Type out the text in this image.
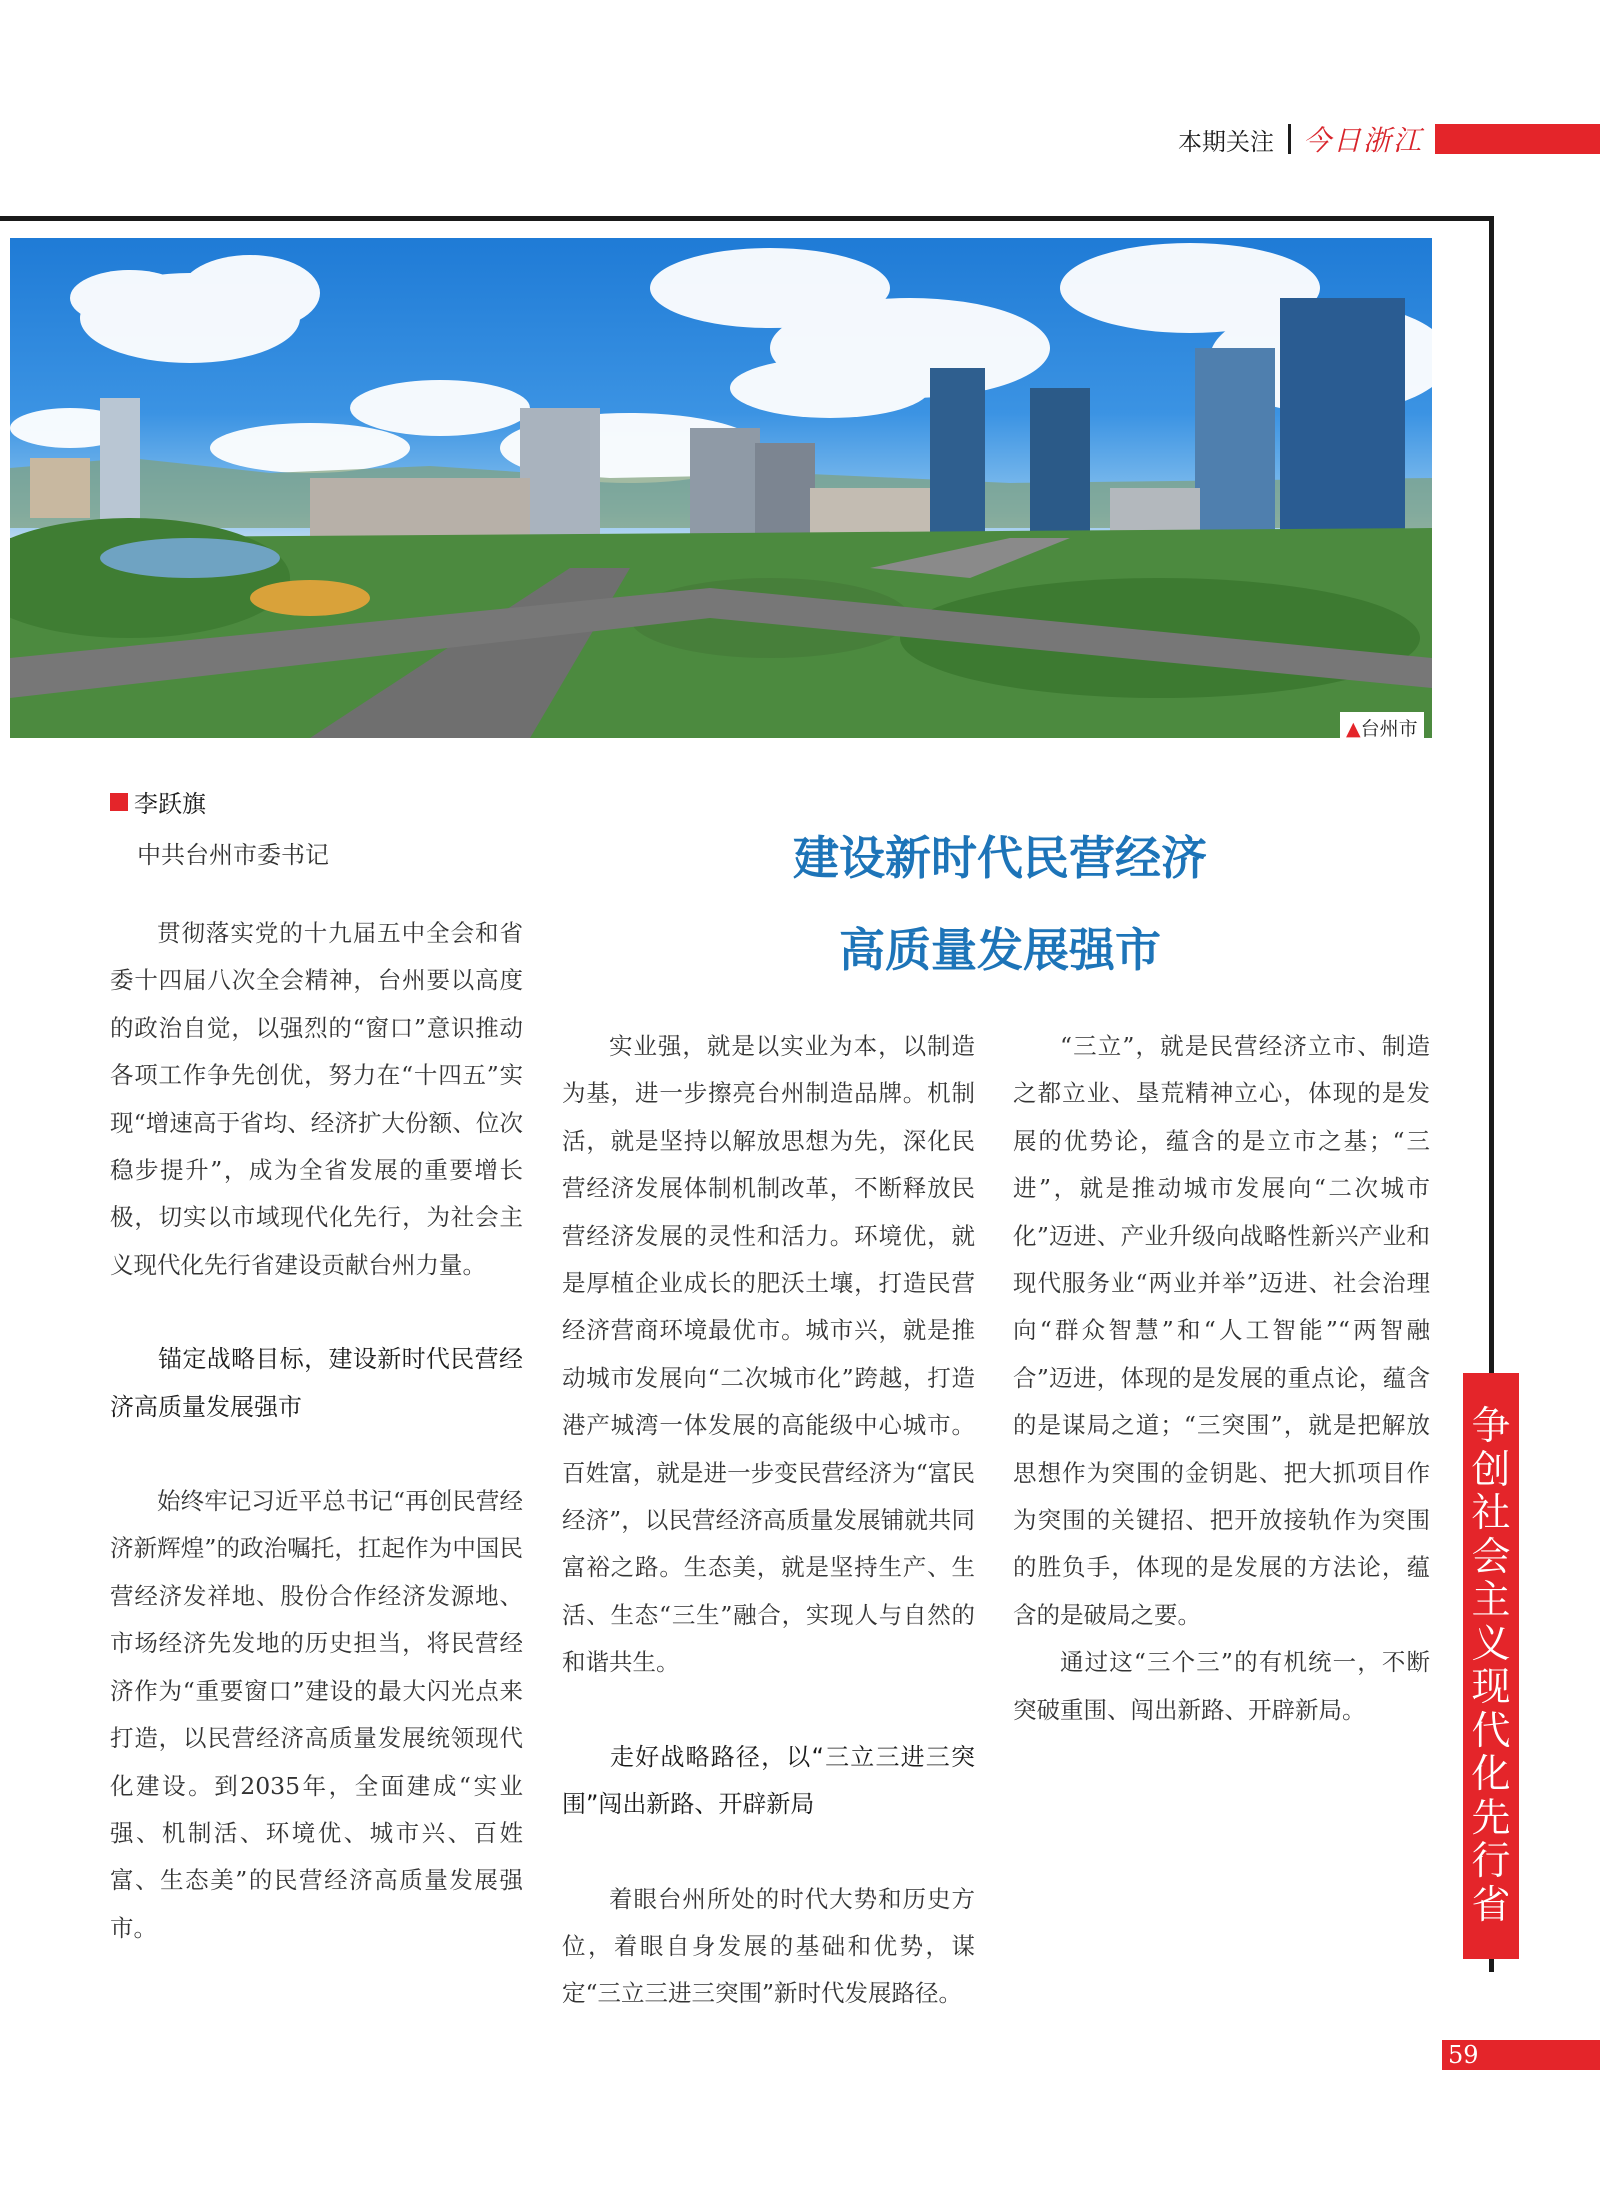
本期关注 今日浙江
▲台州市
李跃旗
中共台州市委书记	建设新时代民营经济
高质量发展强市

贯彻落实党的十九届五中全会和省委十四届八次全会精神，台州要以高度的政治自觉，以强烈的“窗口”意识推动各项工作争先创优，努力在“十四五”实现“增速高于省均、经济扩大份额、位次稳步提升”，成为全省发展的重要增长极，切实以市域现代化先行，为社会主义现代化先行省建设贡献台州力量。

锚定战略目标，建设新时代民营经济高质量发展强市

始终牢记习近平总书记“再创民营经济新辉煌”的政治嘱托，扛起作为中国民营经济发祥地、股份合作经济发源地、市场经济先发地的历史担当，将民营经济作为“重要窗口”建设的最大闪光点来打造，以民营经济高质量发展统领现代化建设。到2035年，全面建成“实业强、机制活、环境优、城市兴、百姓富、生态美”的民营经济高质量发展强市。

实业强，就是以实业为本，以制造为基，进一步擦亮台州制造品牌。机制活，就是坚持以解放思想为先，深化民营经济发展体制机制改革，不断释放民营经济发展的灵性和活力。环境优，就是厚植企业成长的肥沃土壤，打造民营经济营商环境最优市。城市兴，就是推动城市发展向“二次城市化”跨越，打造港产城湾一体发展的高能级中心城市。百姓富，就是进一步变民营经济为“富民经济”，以民营经济高质量发展铺就共同富裕之路。生态美，就是坚持生产、生活、生态“三生”融合，实现人与自然的和谐共生。

走好战略路径，以“三立三进三突围”闯出新路、开辟新局

着眼台州所处的时代大势和历史方位，着眼自身发展的基础和优势，谋定“三立三进三突围”新时代发展路径。

“三立”，就是民营经济立市、制造之都立业、垦荒精神立心，体现的是发展的优势论，蕴含的是立市之基；“三进”，就是推动城市发展向“二次城市化”迈进、产业升级向战略性新兴产业和现代服务业“两业并举”迈进、社会治理向“群众智慧”和“人工智能”“两智融合”迈进，体现的是发展的重点论，蕴含的是谋局之道；“三突围”，就是把解放思想作为突围的金钥匙、把大抓项目作为突围的关键招、把开放接轨作为突围的胜负手，体现的是发展的方法论，蕴含的是破局之要。

通过这“三个三”的有机统一，不断突破重围、闯出新路、开辟新局。

争
创
社
会
主
义
现
代
化
先
行
省
59
